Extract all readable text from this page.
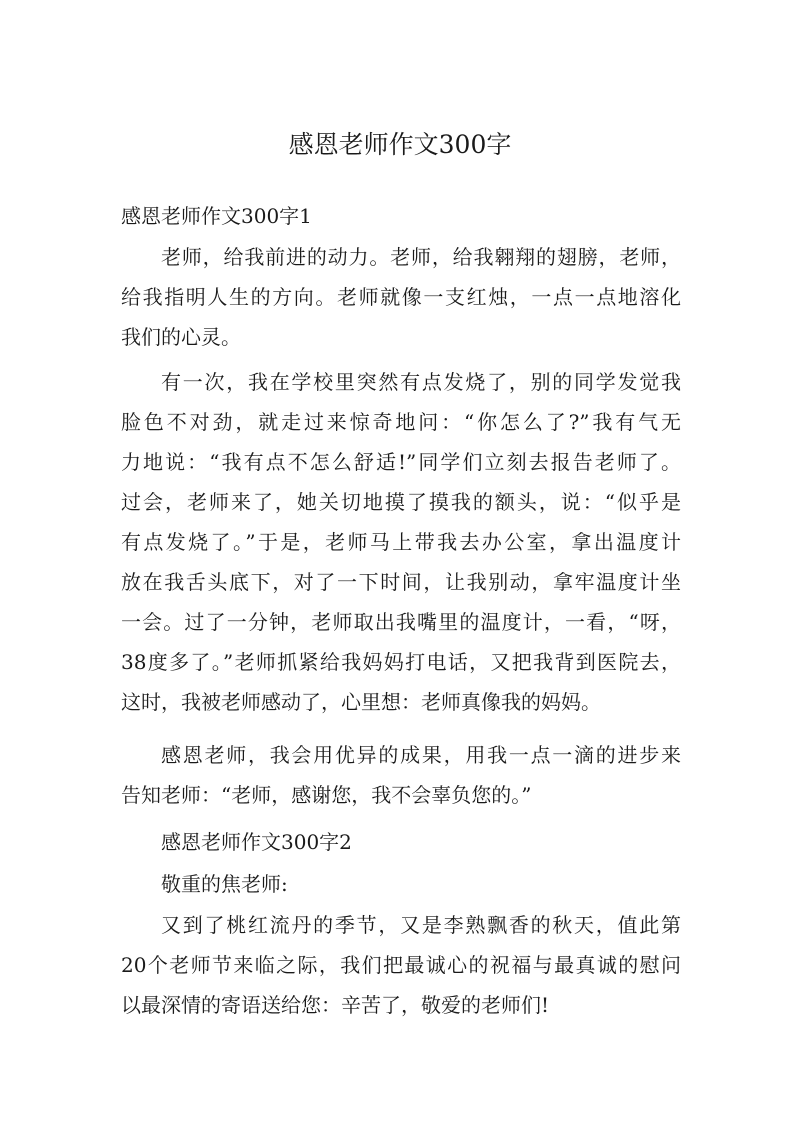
感恩老师作文300字
感恩老师作文300字1
老师，给我前进的动力。老师，给我翱翔的翅膀，老师，
给我指明人生的方向。老师就像一支红烛，一点一点地溶化
我们的心灵。
有一次，我在学校里突然有点发烧了，别的同学发觉我
脸色不对劲，就走过来惊奇地问：“你怎么了?”我有气无
力地说：“我有点不怎么舒适!”同学们立刻去报告老师了。
过会，老师来了，她关切地摸了摸我的额头，说：“似乎是
有点发烧了。”于是，老师马上带我去办公室，拿出温度计
放在我舌头底下，对了一下时间，让我别动，拿牢温度计坐
一会。过了一分钟，老师取出我嘴里的温度计，一看，“呀，
38度多了。”老师抓紧给我妈妈打电话，又把我背到医院去，
这时，我被老师感动了，心里想：老师真像我的妈妈。
感恩老师，我会用优异的成果，用我一点一滴的进步来
告知老师：“老师，感谢您，我不会辜负您的。”
感恩老师作文300字2
敬重的焦老师:
又到了桃红流丹的季节，又是李熟飘香的秋天，值此第
20个老师节来临之际，我们把最诚心的祝福与最真诚的慰问
以最深情的寄语送给您：辛苦了，敬爱的老师们!
